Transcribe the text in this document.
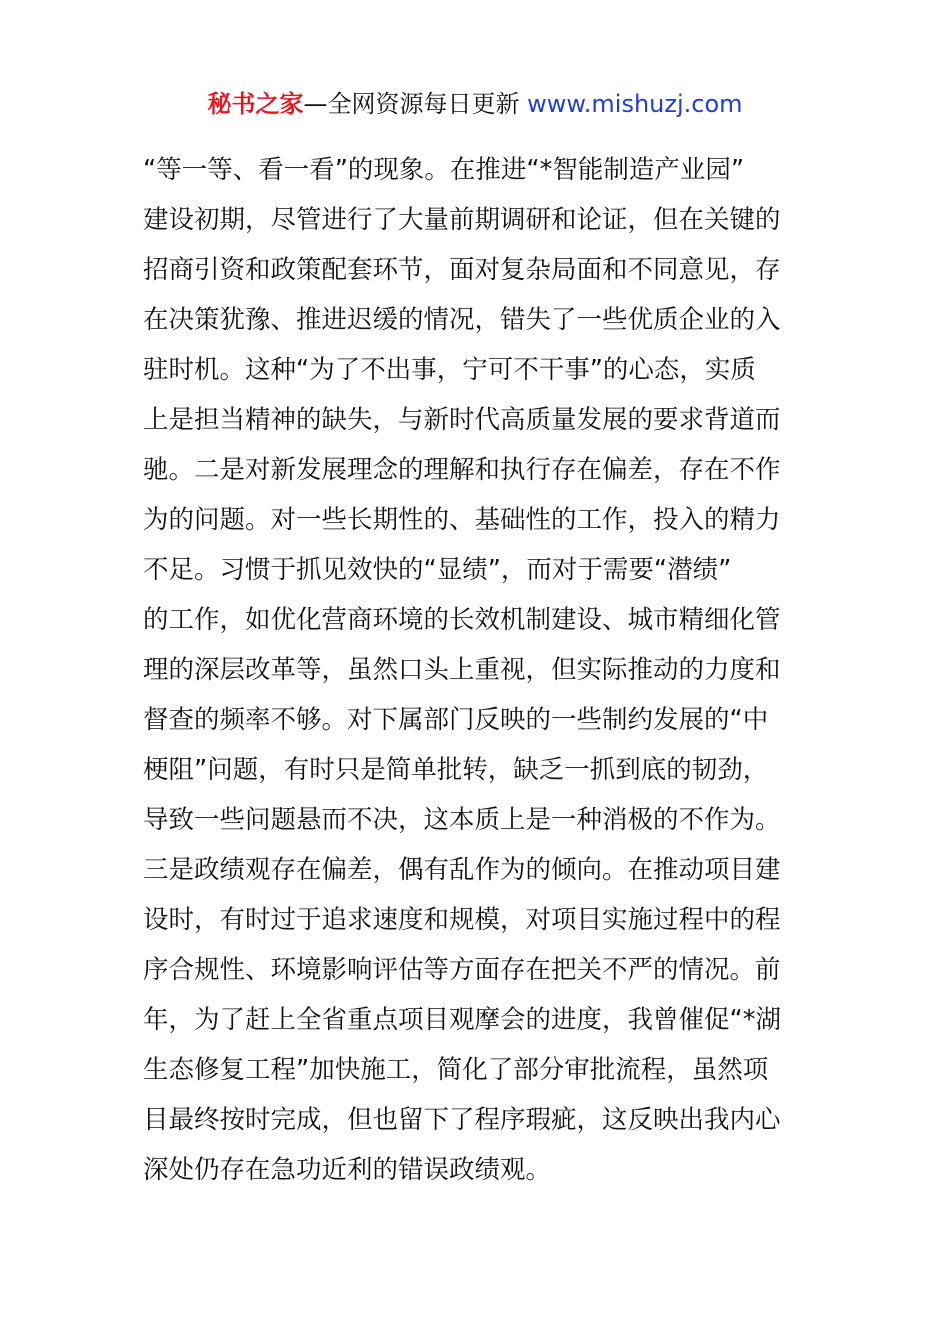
秘书之家—全网资源每日更新 www.mishuzj.com
“等一等、看一看”的现象。在推进“*智能制造产业园”
建设初期，尽管进行了大量前期调研和论证，但在关键的
招商引资和政策配套环节，面对复杂局面和不同意见，存
在决策犹豫、推进迟缓的情况，错失了一些优质企业的入
驻时机。这种“为了不出事，宁可不干事”的心态，实质
上是担当精神的缺失，与新时代高质量发展的要求背道而
驰。二是对新发展理念的理解和执行存在偏差，存在不作
为的问题。对一些长期性的、基础性的工作，投入的精力
不足。习惯于抓见效快的“显绩”，而对于需要“潜绩”
的工作，如优化营商环境的长效机制建设、城市精细化管
理的深层改革等，虽然口头上重视，但实际推动的力度和
督查的频率不够。对下属部门反映的一些制约发展的“中
梗阻”问题，有时只是简单批转，缺乏一抓到底的韧劲，
导致一些问题悬而不决，这本质上是一种消极的不作为。
三是政绩观存在偏差，偶有乱作为的倾向。在推动项目建
设时，有时过于追求速度和规模，对项目实施过程中的程
序合规性、环境影响评估等方面存在把关不严的情况。前
年，为了赶上全省重点项目观摩会的进度，我曾催促“*湖
生态修复工程”加快施工，简化了部分审批流程，虽然项
目最终按时完成，但也留下了程序瑕疵，这反映出我内心
深处仍存在急功近利的错误政绩观。
